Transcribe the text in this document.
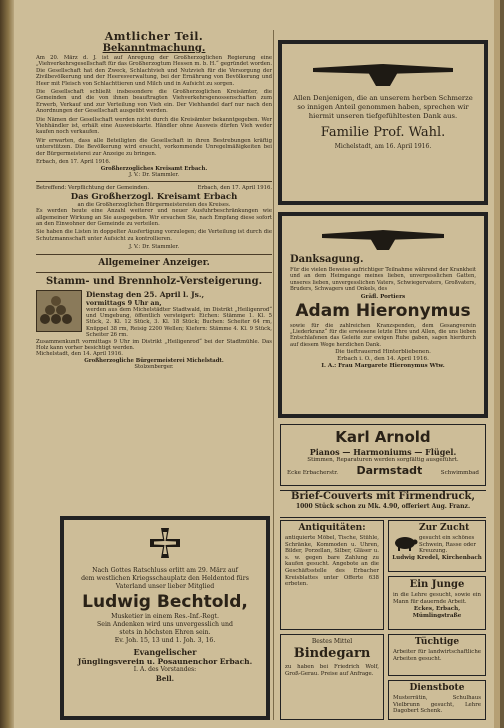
Amtlicher Teil.
Bekanntmachung.
Am 20. März d. J. ist auf Anregung der Großherzoglichen Regierung eine „Viehverkehrsgesellschaft für das Großherzogtum Hessen m. b. H.“ gegründet worden. Die Gesellschaft hat den Zweck, Schlachtvieh und Nutzvieh für die Versorgung der Zivilbevölkerung und der Heeresverwaltung, bei der Ernährung von Bevölkerung und Heer mit Fleisch von Schlachttieren und Milch und in Aufsicht zu sorgen.
Die Gesellschaft schließt insbesondere die Großherzoglichen Kreisämter, die Gemeinden und die von ihnen beauftragten Viehverkehrsgenossenschaften zum Erwerb, Verkauf und zur Verteilung von Vieh ein. Der Viehhandel darf nur nach den Anordnungen der Gesellschaft ausgeübt werden.
Die Nämen der Gesellschaft werden nicht durch die Kreisämter bekanntgegeben. Wer Viehhändler ist, erhält eine Ausweiskarte. Händler ohne Ausweis dürfen Vieh weder kaufen noch verkaufen.
Wir erwarten, dass alle Beteiligten die Gesellschaft in ihren Bestrebungen kräftig unterstützen. Die Bevölkerung wird ersucht, vorkommende Unregelmäßigkeiten bei der Bürgermeisterei zur Anzeige zu bringen.
Erbach, den 17. April 1916.
Großherzogliches Kreisamt Erbach.
J. V.: Dr. Stammler.
Betreffend: Verpflichtung der Gemeinden.	Erbach, den 17. April 1916.
Das Großherzogl. Kreisamt Erbach
an die Großherzoglichen Bürgermeistereien des Kreises.
Es werden heute eine Anzahl weiterer und neuer Ausfuhrbeschränkungen wie allgemeiner Wirkung an Sie ausgegeben. Wir ersuchen Sie, nach Empfang diese sofort an den Einwohner der Gemeinde zu verteilen.
Sie haben die Listen in doppelter Ausfertigung vorzulegen; die Verteilung ist durch die Schutzmannschaft unter Aufsicht zu kontrollieren.
J. V.: Dr. Stammler.
Allgemeiner Anzeiger.
Stamm- und Brennholz-Versteigerung.
Dienstag den 25. April l. Js.,
vormittags 9 Uhr an,
werden aus dem Michelstädter Stadtwald, im Distrikt „Heiligenrod“ und Umgebung, öffentlich versteigert: Eichen: Stämme 1. Kl. 5 Stück, 2. Kl. 12 Stück, 3. Kl. 18 Stück; Buchen: Scheiter 64 rm, Knüppel 38 rm, Reisig 2200 Wellen; Kiefern: Stämme 4. Kl. 9 Stück, Scheiter 26 rm.
Zusammenkunft vormittags 9 Uhr im Distrikt „Heiligenrod“ bei der Stadtmühle. Das Holz kann vorher besichtigt werden.
Michelstadt, den 14. April 1916.
Großherzogliche Bürgermeisterei Michelstadt.
Stolzenberger.
Nach Gottes Ratschluss erlitt am 29. März auf
dem westlichen Kriegsschauplatz den Heldentod fürs
Vaterland unser lieber Mitglied
Ludwig Bechtold,
Musketier in einem Res.-Inf.-Regt.
Sein Andenken wird uns unvergesslich und
stets in höchsten Ehren sein.
Ev. Joh. 15, 13 und 1. Joh. 3, 16.
Evangelischer
Jünglingsverein u. Posaunenchor Erbach.
I. A. des Vorstandes:
Bell.
Allen Denjenigen, die an unserem herben Schmerze so innigen Anteil genommen haben, sprechen wir hiermit unseren tiefgefühltesten Dank aus.
Familie Prof. Wahl.
Michelstadt, am 16. April 1916.
Danksagung.
Für die vielen Beweise aufrichtiger Teilnahme während der Krankheit und an dem Heimgange meines lieben, unvergesslichen Gatten, unseres lieben, unvergesslichen Vaters, Schwiegervaters, Großvaters, Bruders, Schwagers und Onkels, des
Gräfl. Portiers
Adam Hieronymus
sowie für die zahlreichen Kranzspenden, dem Gesangverein „Liederkranz“ für die erwiesene letzte Ehre und Allen, die uns lieben Entschlafenen das Geleite zur ewigen Ruhe gaben, sagen hierdurch auf diesem Wege herzlichen Dank.
Die tieftrauernd Hinterbliebenen.
Erbach i. O., den 14. April 1916.
I. A.: Frau Margarete Hieronymus Wtw.
Karl Arnold
Pianos — Harmoniums — Flügel.
Stimmen, Reparaturen werden sorgfältig ausgeführt.
Ecke Erbacherstr. Darmstadt	Schwimmbad
Brief-Couverts mit Firmendruck,
1000 Stück schon zu Mk. 4.90, offeriert Aug. Franz.
Antiquitäten:
antiquierte Möbel, Tische, Stühle, Schränke, Kommoden u. Uhren, Bilder, Porzellan, Silber, Gläser u. s. w. gegen bare Zahlung zu kaufen gesucht. Angebote an die Geschäftsstelle des Erbacher Kreisblattes unter Offerte 638 erbeten.
Bestes Mittel
Bindegarn
zu haben bei Friedrich Wolf, Groß-Gerau. Preise auf Anfrage.
Zur Zucht
gesucht ein schönes Schwein, Rasse oder Kreuzung.
Ludwig Kredel, Kirchenbach
Ein Junge
in die Lehre gesucht, sowie ein Mann für dauernde Arbeit.
Eckes, Erbach, Mümlingstraße
Tüchtige
Arbeiter für landwirtschaftliche Arbeiten gesucht.
Dienstbote
Musterrätin, Schulhaus Vielbrunn gesucht, Lehre Dagobert Schenk.
